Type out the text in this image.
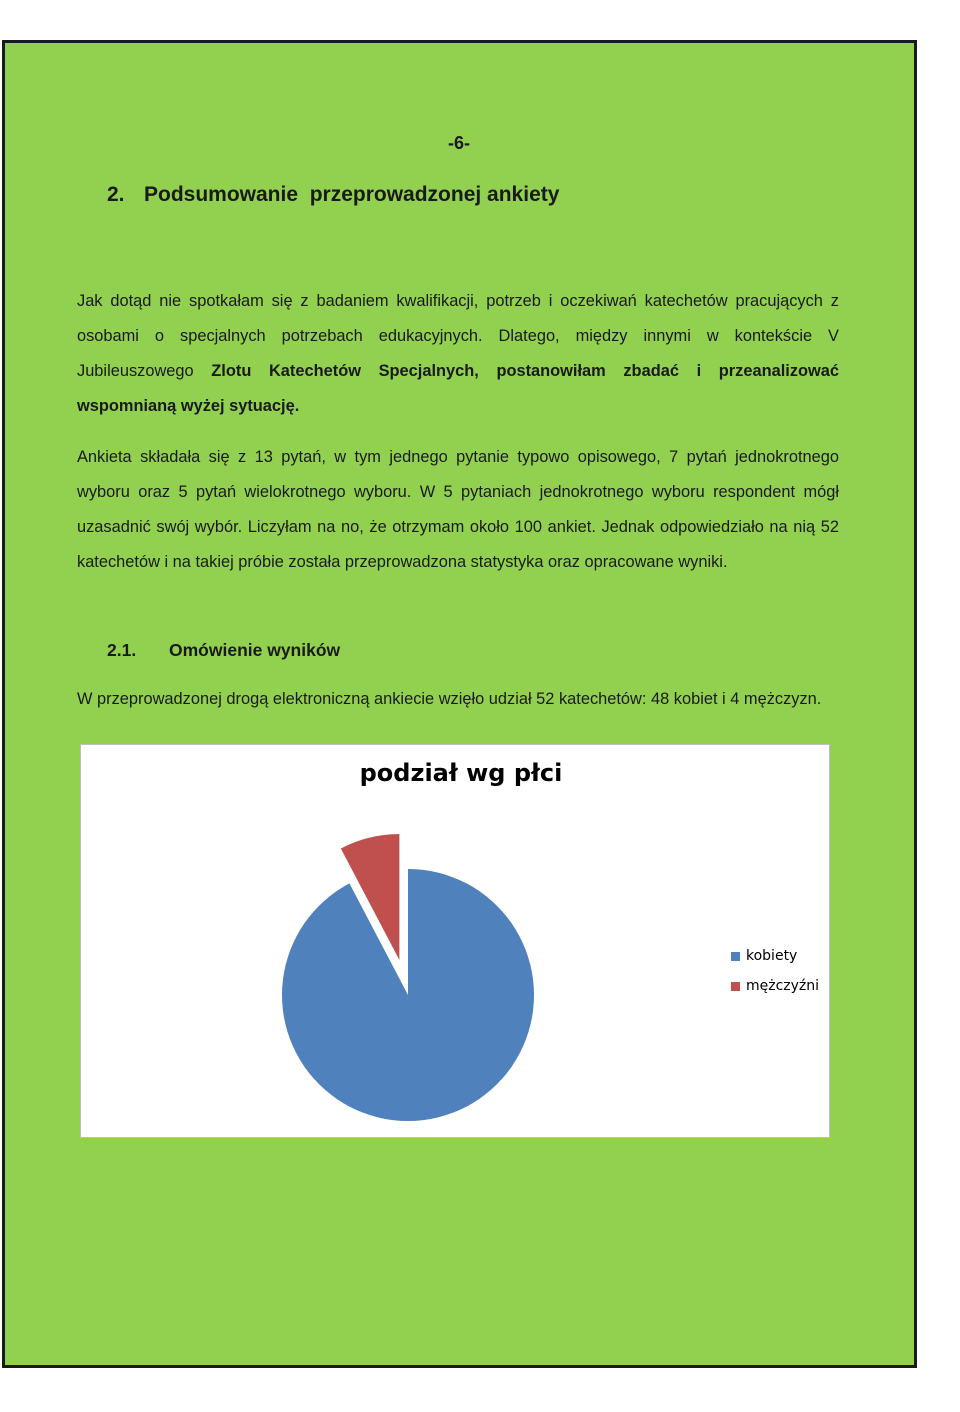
-6-
2. Podsumowanie  przeprowadzonej ankiety

Jak dotąd nie spotkałam się z badaniem kwalifikacji, potrzeb i oczekiwań katechetów pracujących z osobami o specjalnych potrzebach edukacyjnych. Dlatego, między innymi w kontekście V Jubileuszowego Zlotu Katechetów Specjalnych, postanowiłam zbadać i przeanalizować wspomnianą wyżej sytuację.

Ankieta składała się z 13 pytań, w tym jednego pytanie typowo opisowego, 7 pytań jednokrotnego wyboru oraz 5 pytań wielokrotnego wyboru. W 5 pytaniach jednokrotnego wyboru respondent mógł uzasadnić swój wybór. Liczyłam na no, że otrzymam około 100 ankiet. Jednak odpowiedziało na nią 52 katechetów i na takiej próbie została przeprowadzona statystyka oraz opracowane wyniki.

2.1. Omówienie wyników
W przeprowadzonej drogą elektroniczną ankiecie wzięło udział 52 katechetów: 48 kobiet i 4 mężczyzn.
podział wg płci
kobiety
mężczyźni
